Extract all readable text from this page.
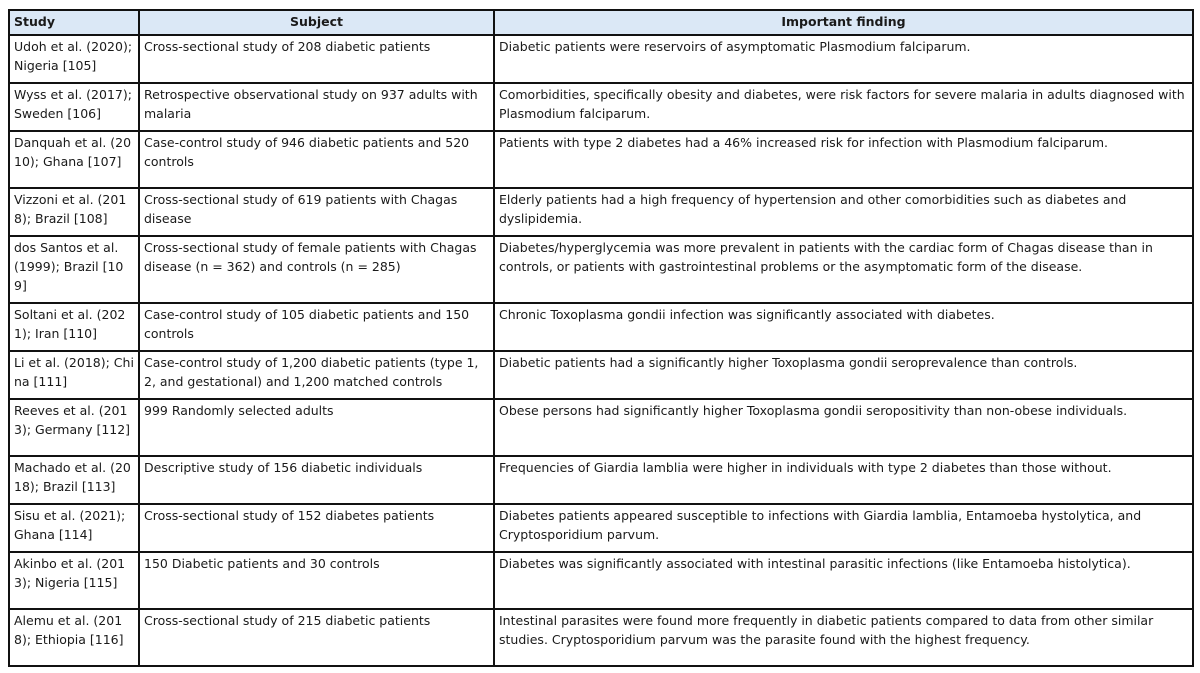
Study	Subject	Important finding
Udoh et al. (2020); Nigeria [105]	Cross-sectional study of 208 diabetic patients	Diabetic patients were reservoirs of asymptomatic Plasmodium falciparum.
Wyss et al. (2017); Sweden [106]	Retrospective observational study on 937 adults with malaria	Comorbidities, specifically obesity and diabetes, were risk factors for severe malaria in adults diagnosed with Plasmodium falciparum.
Danquah et al. (2010); Ghana [107]	Case-control study of 946 diabetic patients and 520 controls	Patients with type 2 diabetes had a 46% increased risk for infection with Plasmodium falciparum.
Vizzoni et al. (2018); Brazil [108]	Cross-sectional study of 619 patients with Chagas disease	Elderly patients had a high frequency of hypertension and other comorbidities such as diabetes and dyslipidemia.
dos Santos et al. (1999); Brazil [109]	Cross-sectional study of female patients with Chagas disease (n = 362) and controls (n = 285)	Diabetes/hyperglycemia was more prevalent in patients with the cardiac form of Chagas disease than in controls, or patients with gastrointestinal problems or the asymptomatic form of the disease.
Soltani et al. (2021); Iran [110]	Case-control study of 105 diabetic patients and 150 controls	Chronic Toxoplasma gondii infection was significantly associated with diabetes.
Li et al. (2018); China [111]	Case-control study of 1,200 diabetic patients (type 1, 2, and gestational) and 1,200 matched controls	Diabetic patients had a significantly higher Toxoplasma gondii seroprevalence than controls.
Reeves et al. (2013); Germany [112]	999 Randomly selected adults	Obese persons had significantly higher Toxoplasma gondii seropositivity than non-obese individuals.
Machado et al. (2018); Brazil [113]	Descriptive study of 156 diabetic individuals	Frequencies of Giardia lamblia were higher in individuals with type 2 diabetes than those without.
Sisu et al. (2021); Ghana [114]	Cross-sectional study of 152 diabetes patients	Diabetes patients appeared susceptible to infections with Giardia lamblia, Entamoeba hystolytica, and Cryptosporidium parvum.
Akinbo et al. (2013); Nigeria [115]	150 Diabetic patients and 30 controls	Diabetes was significantly associated with intestinal parasitic infections (like Entamoeba histolytica).
Alemu et al. (2018); Ethiopia [116]	Cross-sectional study of 215 diabetic patients	Intestinal parasites were found more frequently in diabetic patients compared to data from other similar studies. Cryptosporidium parvum was the parasite found with the highest frequency.
